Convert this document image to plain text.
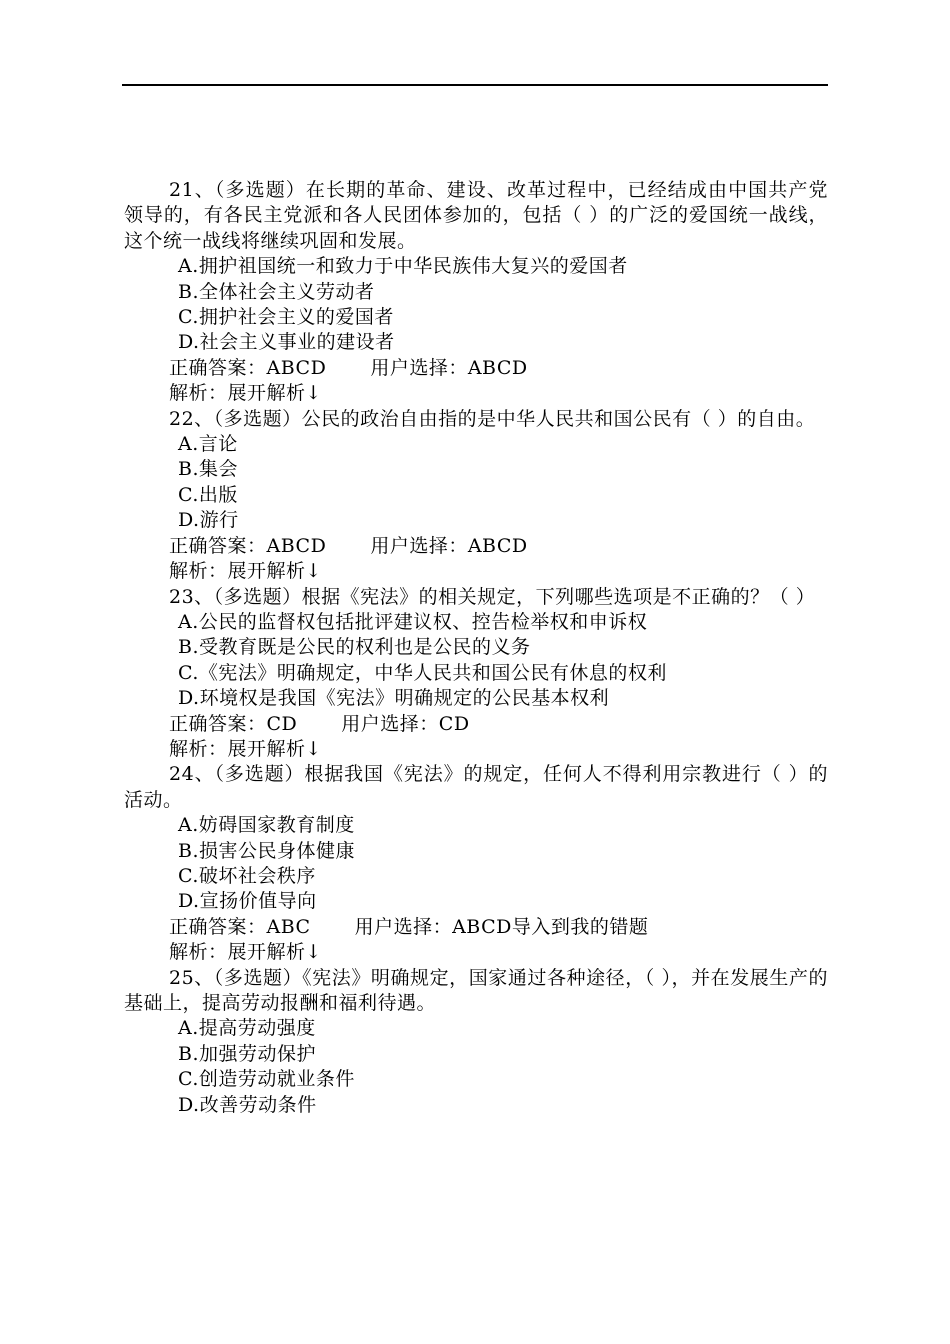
21、（多选题）在长期的革命、建设、改革过程中，已经结成由中国共产党领导的，有各民主党派和各人民团体参加的，包括（ ）的广泛的爱国统一战线，这个统一战线将继续巩固和发展。
A.拥护祖国统一和致力于中华民族伟大复兴的爱国者
B.全体社会主义劳动者
C.拥护社会主义的爱国者
D.社会主义事业的建设者
正确答案：ABCD 用户选择：ABCD
解析：展开解析↓
22、（多选题）公民的政治自由指的是中华人民共和国公民有（ ）的自由。
A.言论
B.集会
C.出版
D.游行
正确答案：ABCD 用户选择：ABCD
解析：展开解析↓
23、（多选题）根据《宪法》的相关规定，下列哪些选项是不正确的？（ ）
A.公民的监督权包括批评建议权、控告检举权和申诉权
B.受教育既是公民的权利也是公民的义务
C.《宪法》明确规定，中华人民共和国公民有休息的权利
D.环境权是我国《宪法》明确规定的公民基本权利
正确答案：CD 用户选择：CD
解析：展开解析↓
24、（多选题）根据我国《宪法》的规定，任何人不得利用宗教进行（ ）的活动。
A.妨碍国家教育制度
B.损害公民身体健康
C.破坏社会秩序
D.宣扬价值导向
正确答案：ABC 用户选择：ABCD导入到我的错题
解析：展开解析↓
25、（多选题）《宪法》明确规定，国家通过各种途径，（ ），并在发展生产的基础上，提高劳动报酬和福利待遇。
A.提高劳动强度
B.加强劳动保护
C.创造劳动就业条件
D.改善劳动条件
